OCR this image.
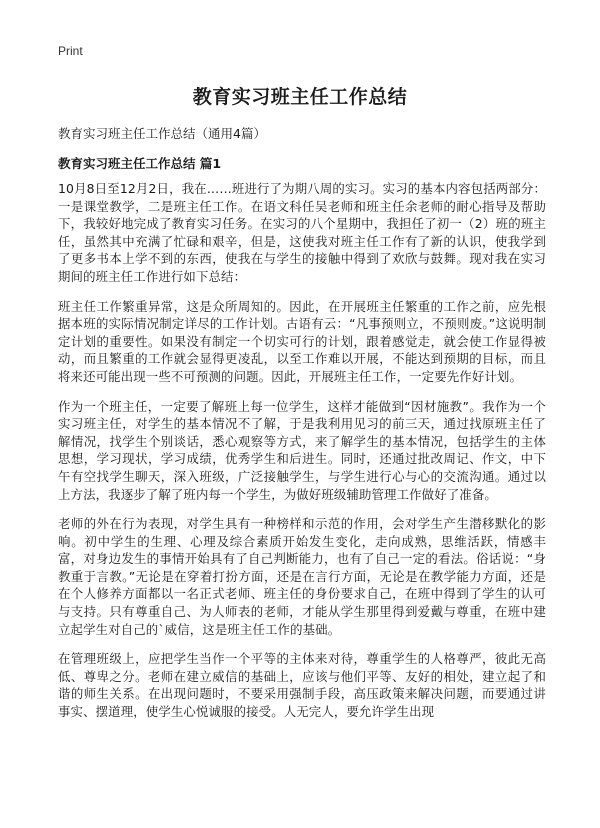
Print
教育实习班主任工作总结

教育实习班主任工作总结（通用4篇）

教育实习班主任工作总结 篇1

10月8日至12月2日，我在……班进行了为期八周的实习。实习的基本内容包括两部分：一是课堂教学，二是班主任工作。在语文科任吴老师和班主任余老师的耐心指导及帮助下，我较好地完成了教育实习任务。在实习的八个星期中，我担任了初一（2）班的班主任，虽然其中充满了忙碌和艰辛，但是，这使我对班主任工作有了新的认识，使我学到了更多书本上学不到的东西，使我在与学生的接触中得到了欢欣与鼓舞。现对我在实习期间的班主任工作进行如下总结：

班主任工作繁重异常，这是众所周知的。因此，在开展班主任繁重的工作之前，应先根据本班的实际情况制定详尽的工作计划。古语有云：“凡事预则立，不预则废。”这说明制定计划的重要性。如果没有制定一个切实可行的计划，跟着感觉走，就会使工作显得被动，而且繁重的工作就会显得更凌乱，以至工作难以开展，不能达到预期的目标，而且将来还可能出现一些不可预测的问题。因此，开展班主任工作，一定要先作好计划。

作为一个班主任，一定要了解班上每一位学生，这样才能做到“因材施教”。我作为一个实习班主任，对学生的基本情况不了解，于是我利用见习的前三天，通过找原班主任了解情况，找学生个别谈话，悉心观察等方式，来了解学生的基本情况，包括学生的主体思想，学习现状，学习成绩，优秀学生和后进生。同时，还通过批改周记、作文，中下午有空找学生聊天，深入班级，广泛接触学生，与学生进行心与心的交流沟通。通过以上方法，我逐步了解了班内每一个学生，为做好班级辅助管理工作做好了准备。

老师的外在行为表现，对学生具有一种榜样和示范的作用，会对学生产生潜移默化的影响。初中学生的生理、心理及综合素质开始发生变化，走向成熟，思维活跃，情感丰富，对身边发生的事情开始具有了自己判断能力，也有了自己一定的看法。俗话说：“身教重于言教。”无论是在穿着打扮方面，还是在言行方面，无论是在教学能力方面，还是在个人修养方面都以一名正式老师、班主任的身份要求自己，在班中得到了学生的认可与支持。只有尊重自己、为人师表的老师，才能从学生那里得到爱戴与尊重，在班中建立起学生对自己的`威信，这是班主任工作的基础。

在管理班级上，应把学生当作一个平等的主体来对待，尊重学生的人格尊严，彼此无高低、尊卑之分。老师在建立威信的基础上，应该与他们平等、友好的相处，建立起了和谐的师生关系。在出现问题时，不要采用强制手段，高压政策来解决问题，而要通过讲事实、摆道理，使学生心悦诚服的接受。人无完人，要允许学生出现
